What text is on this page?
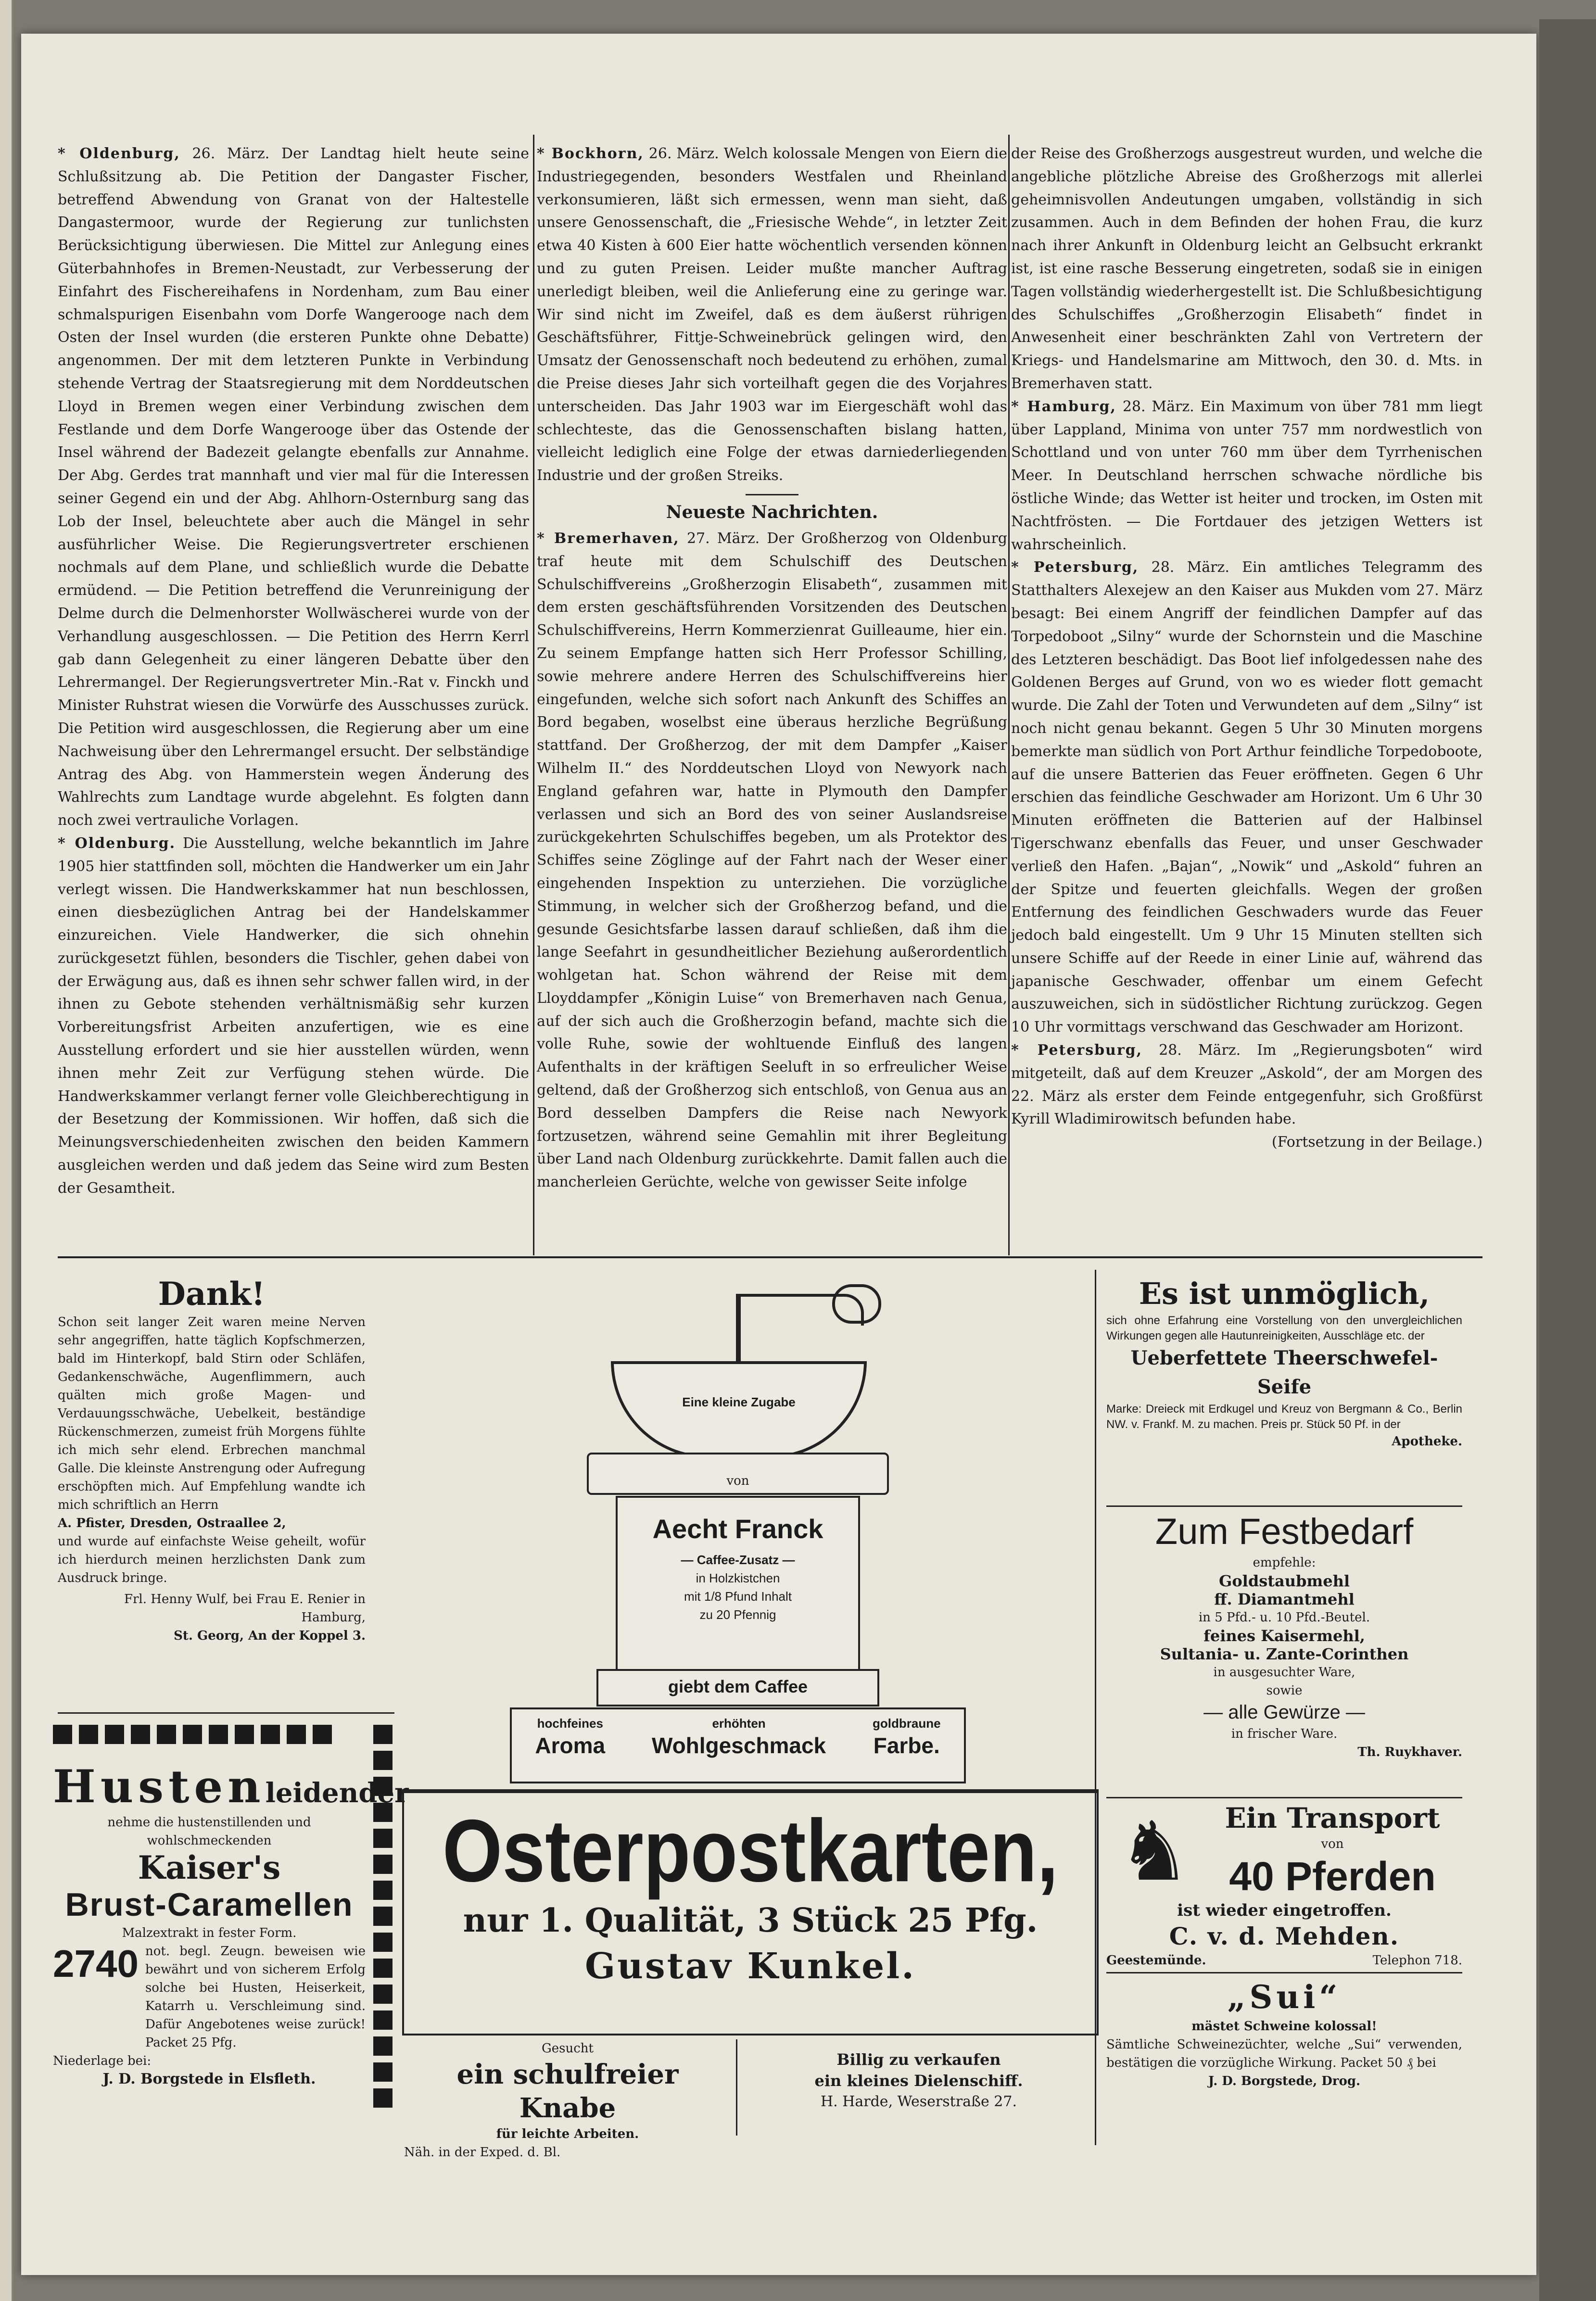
* Oldenburg, 26. März. Der Landtag hielt heute seine Schlußsitzung ab. Die Petition der Dangaster Fischer, betreffend Abwendung von Granat von der Haltestelle Dangastermoor, wurde der Regierung zur tunlichsten Berücksichtigung überwiesen. Die Mittel zur Anlegung eines Güterbahnhofes in Bremen-Neustadt, zur Verbesserung der Einfahrt des Fischereihafens in Nordenham, zum Bau einer schmalspurigen Eisenbahn vom Dorfe Wangerooge nach dem Osten der Insel wurden (die ersteren Punkte ohne Debatte) angenommen. Der mit dem letzteren Punkte in Verbindung stehende Vertrag der Staatsregierung mit dem Norddeutschen Lloyd in Bremen wegen einer Verbindung zwischen dem Festlande und dem Dorfe Wangerooge über das Ostende der Insel während der Badezeit gelangte ebenfalls zur Annahme. Der Abg. Gerdes trat mannhaft und vier mal für die Interessen seiner Gegend ein und der Abg. Ahlhorn-Osternburg sang das Lob der Insel, beleuchtete aber auch die Mängel in sehr ausführlicher Weise. Die Regierungsvertreter erschienen nochmals auf dem Plane, und schließlich wurde die Debatte ermüdend. — Die Petition betreffend die Verunreinigung der Delme durch die Delmenhorster Wollwäscherei wurde von der Verhandlung ausgeschlossen. — Die Petition des Herrn Kerrl gab dann Gelegenheit zu einer längeren Debatte über den Lehrermangel. Der Regierungsvertreter Min.-Rat v. Finckh und Minister Ruhstrat wiesen die Vorwürfe des Ausschusses zurück. Die Petition wird ausgeschlossen, die Regierung aber um eine Nachweisung über den Lehrermangel ersucht. Der selbständige Antrag des Abg. von Hammerstein wegen Änderung des Wahlrechts zum Landtage wurde abgelehnt. Es folgten dann noch zwei vertrauliche Vorlagen.

* Oldenburg. Die Ausstellung, welche bekanntlich im Jahre 1905 hier stattfinden soll, möchten die Handwerker um ein Jahr verlegt wissen. Die Handwerkskammer hat nun beschlossen, einen diesbezüglichen Antrag bei der Handelskammer einzureichen. Viele Handwerker, die sich ohnehin zurückgesetzt fühlen, besonders die Tischler, gehen dabei von der Erwägung aus, daß es ihnen sehr schwer fallen wird, in der ihnen zu Gebote stehenden verhältnismäßig sehr kurzen Vorbereitungsfrist Arbeiten anzufertigen, wie es eine Ausstellung erfordert und sie hier ausstellen würden, wenn ihnen mehr Zeit zur Verfügung stehen würde. Die Handwerkskammer verlangt ferner volle Gleichberechtigung in der Besetzung der Kommissionen. Wir hoffen, daß sich die Meinungsverschiedenheiten zwischen den beiden Kammern ausgleichen werden und daß jedem das Seine wird zum Besten der Gesamtheit.

* Bockhorn, 26. März. Welch kolossale Mengen von Eiern die Industriegegenden, besonders Westfalen und Rheinland verkonsumieren, läßt sich ermessen, wenn man sieht, daß unsere Genossenschaft, die „Friesische Wehde“, in letzter Zeit etwa 40 Kisten à 600 Eier hatte wöchentlich versenden können und zu guten Preisen. Leider mußte mancher Auftrag unerledigt bleiben, weil die Anlieferung eine zu geringe war. Wir sind nicht im Zweifel, daß es dem äußerst rührigen Geschäftsführer, Fittje-Schweinebrück gelingen wird, den Umsatz der Genossenschaft noch bedeutend zu erhöhen, zumal die Preise dieses Jahr sich vorteilhaft gegen die des Vorjahres unterscheiden. Das Jahr 1903 war im Eiergeschäft wohl das schlechteste, das die Genossenschaften bislang hatten, vielleicht lediglich eine Folge der etwas darniederliegenden Industrie und der großen Streiks.

Neueste Nachrichten.

* Bremerhaven, 27. März. Der Großherzog von Oldenburg traf heute mit dem Schulschiff des Deutschen Schulschiffvereins „Großherzogin Elisabeth“, zusammen mit dem ersten geschäftsführenden Vorsitzenden des Deutschen Schulschiffvereins, Herrn Kommerzienrat Guilleaume, hier ein. Zu seinem Empfange hatten sich Herr Professor Schilling, sowie mehrere andere Herren des Schulschiffvereins hier eingefunden, welche sich sofort nach Ankunft des Schiffes an Bord begaben, woselbst eine überaus herzliche Begrüßung stattfand. Der Großherzog, der mit dem Dampfer „Kaiser Wilhelm II.“ des Norddeutschen Lloyd von Newyork nach England gefahren war, hatte in Plymouth den Dampfer verlassen und sich an Bord des von seiner Auslandsreise zurückgekehrten Schulschiffes begeben, um als Protektor des Schiffes seine Zöglinge auf der Fahrt nach der Weser einer eingehenden Inspektion zu unterziehen. Die vorzügliche Stimmung, in welcher sich der Großherzog befand, und die gesunde Gesichtsfarbe lassen darauf schließen, daß ihm die lange Seefahrt in gesundheitlicher Beziehung außerordentlich wohlgetan hat. Schon während der Reise mit dem Lloyddampfer „Königin Luise“ von Bremerhaven nach Genua, auf der sich auch die Großherzogin befand, machte sich die volle Ruhe, sowie der wohltuende Einfluß des langen Aufenthalts in der kräftigen Seeluft in so erfreulicher Weise geltend, daß der Großherzog sich entschloß, von Genua aus an Bord desselben Dampfers die Reise nach Newyork fortzusetzen, während seine Gemahlin mit ihrer Begleitung über Land nach Oldenburg zurückkehrte. Damit fallen auch die mancherleien Gerüchte, welche von gewisser Seite infolge

der Reise des Großherzogs ausgestreut wurden, und welche die angebliche plötzliche Abreise des Großherzogs mit allerlei geheimnisvollen Andeutungen umgaben, vollständig in sich zusammen. Auch in dem Befinden der hohen Frau, die kurz nach ihrer Ankunft in Oldenburg leicht an Gelbsucht erkrankt ist, ist eine rasche Besserung eingetreten, sodaß sie in einigen Tagen vollständig wiederhergestellt ist. Die Schlußbesichtigung des Schulschiffes „Großherzogin Elisabeth“ findet in Anwesenheit einer beschränkten Zahl von Vertretern der Kriegs- und Handelsmarine am Mittwoch, den 30. d. Mts. in Bremerhaven statt.

* Hamburg, 28. März. Ein Maximum von über 781 mm liegt über Lappland, Minima von unter 757 mm nordwestlich von Schottland und von unter 760 mm über dem Tyrrhenischen Meer. In Deutschland herrschen schwache nördliche bis östliche Winde; das Wetter ist heiter und trocken, im Osten mit Nachtfrösten. — Die Fortdauer des jetzigen Wetters ist wahrscheinlich.

* Petersburg, 28. März. Ein amtliches Telegramm des Statthalters Alexejew an den Kaiser aus Mukden vom 27. März besagt: Bei einem Angriff der feindlichen Dampfer auf das Torpedoboot „Silny“ wurde der Schornstein und die Maschine des Letzteren beschädigt. Das Boot lief infolgedessen nahe des Goldenen Berges auf Grund, von wo es wieder flott gemacht wurde. Die Zahl der Toten und Verwundeten auf dem „Silny“ ist noch nicht genau bekannt. Gegen 5 Uhr 30 Minuten morgens bemerkte man südlich von Port Arthur feindliche Torpedoboote, auf die unsere Batterien das Feuer eröffneten. Gegen 6 Uhr erschien das feindliche Geschwader am Horizont. Um 6 Uhr 30 Minuten eröffneten die Batterien auf der Halbinsel Tigerschwanz ebenfalls das Feuer, und unser Geschwader verließ den Hafen. „Bajan“, „Nowik“ und „Askold“ fuhren an der Spitze und feuerten gleichfalls. Wegen der großen Entfernung des feindlichen Geschwaders wurde das Feuer jedoch bald eingestellt. Um 9 Uhr 15 Minuten stellten sich unsere Schiffe auf der Reede in einer Linie auf, während das japanische Geschwader, offenbar um einem Gefecht auszuweichen, sich in südöstlicher Richtung zurückzog. Gegen 10 Uhr vormittags verschwand das Geschwader am Horizont.

* Petersburg, 28. März. Im „Regierungsboten“ wird mitgeteilt, daß auf dem Kreuzer „Askold“, der am Morgen des 22. März als erster dem Feinde entgegenfuhr, sich Großfürst Kyrill Wladimirowitsch befunden habe.

(Fortsetzung in der Beilage.)
Dank!
Schon seit langer Zeit waren meine Nerven sehr angegriffen, hatte täglich Kopfschmerzen, bald im Hinterkopf, bald Stirn oder Schläfen, Gedankenschwäche, Augenflimmern, auch quälten mich große Magen- und Verdauungsschwäche, Uebelkeit, beständige Rückenschmerzen, zumeist früh Morgens fühlte ich mich sehr elend. Erbrechen manchmal Galle. Die kleinste Anstrengung oder Aufregung erschöpften mich. Auf Empfehlung wandte ich mich schriftlich an Herrn
A. Pfister, Dresden, Ostraallee 2,
und wurde auf einfachste Weise geheilt, wofür ich hierdurch meinen herzlichsten Dank zum Ausdruck bringe.
Frl. Henny Wulf, bei Frau E. Renier in Hamburg,
St. Georg, An der Koppel 3.
Hustenleidender
nehme die hustenstillenden und wohlschmeckenden
Kaiser's
Brust-Caramellen
Malzextrakt in fester Form.
2740 not. begl. Zeugn. beweisen wie bewährt und von sicherem Erfolg solche bei Husten, Heiserkeit, Katarrh u. Verschleimung sind. Dafür Angebotenes weise zurück! Packet 25 Pfg.
Niederlage bei:
J. D. Borgstede in Elsfleth.
Eine kleine Zugabe
von
Aecht Franck
— Caffee-Zusatz —
in Holzkistchen
mit 1/8 Pfund Inhalt
zu 20 Pfennig
giebt dem Caffee
hochfeines
Aroma
erhöhten
Wohlgeschmack
goldbraune
Farbe.
Osterpostkarten,
nur 1. Qualität, 3 Stück 25 Pfg.
Gustav Kunkel.
Gesucht
ein schulfreier Knabe
für leichte Arbeiten.
Näh. in der Exped. d. Bl.
Billig zu verkaufen
ein kleines Dielenschiff.
H. Harde, Weserstraße 27.
Es ist unmöglich,
sich ohne Erfahrung eine Vorstellung von den unvergleichlichen Wirkungen gegen alle Hautunreinigkeiten, Ausschläge etc. der
Ueberfettete Theerschwefel-Seife
Marke: Dreieck mit Erdkugel und Kreuz von Bergmann & Co., Berlin NW. v. Frankf. M. zu machen. Preis pr. Stück 50 Pf. in der
Apotheke.
Zum Festbedarf
empfehle:
Goldstaubmehl
ff. Diamantmehl
in 5 Pfd.- u. 10 Pfd.-Beutel.
feines Kaisermehl,
Sultania- u. Zante-Corinthen
in ausgesuchter Ware,
sowie
— alle Gewürze —
in frischer Ware.
Th. Ruykhaver.
♞	Ein Transport
von
40 Pferden
ist wieder eingetroffen.
C. v. d. Mehden.
Geestemünde.	Telephon 718.
„Sui“
mästet Schweine kolossal!
Sämtliche Schweinezüchter, welche „Sui“ verwenden, bestätigen die vorzügliche Wirkung. Packet 50 ₰ bei
J. D. Borgstede, Drog.
